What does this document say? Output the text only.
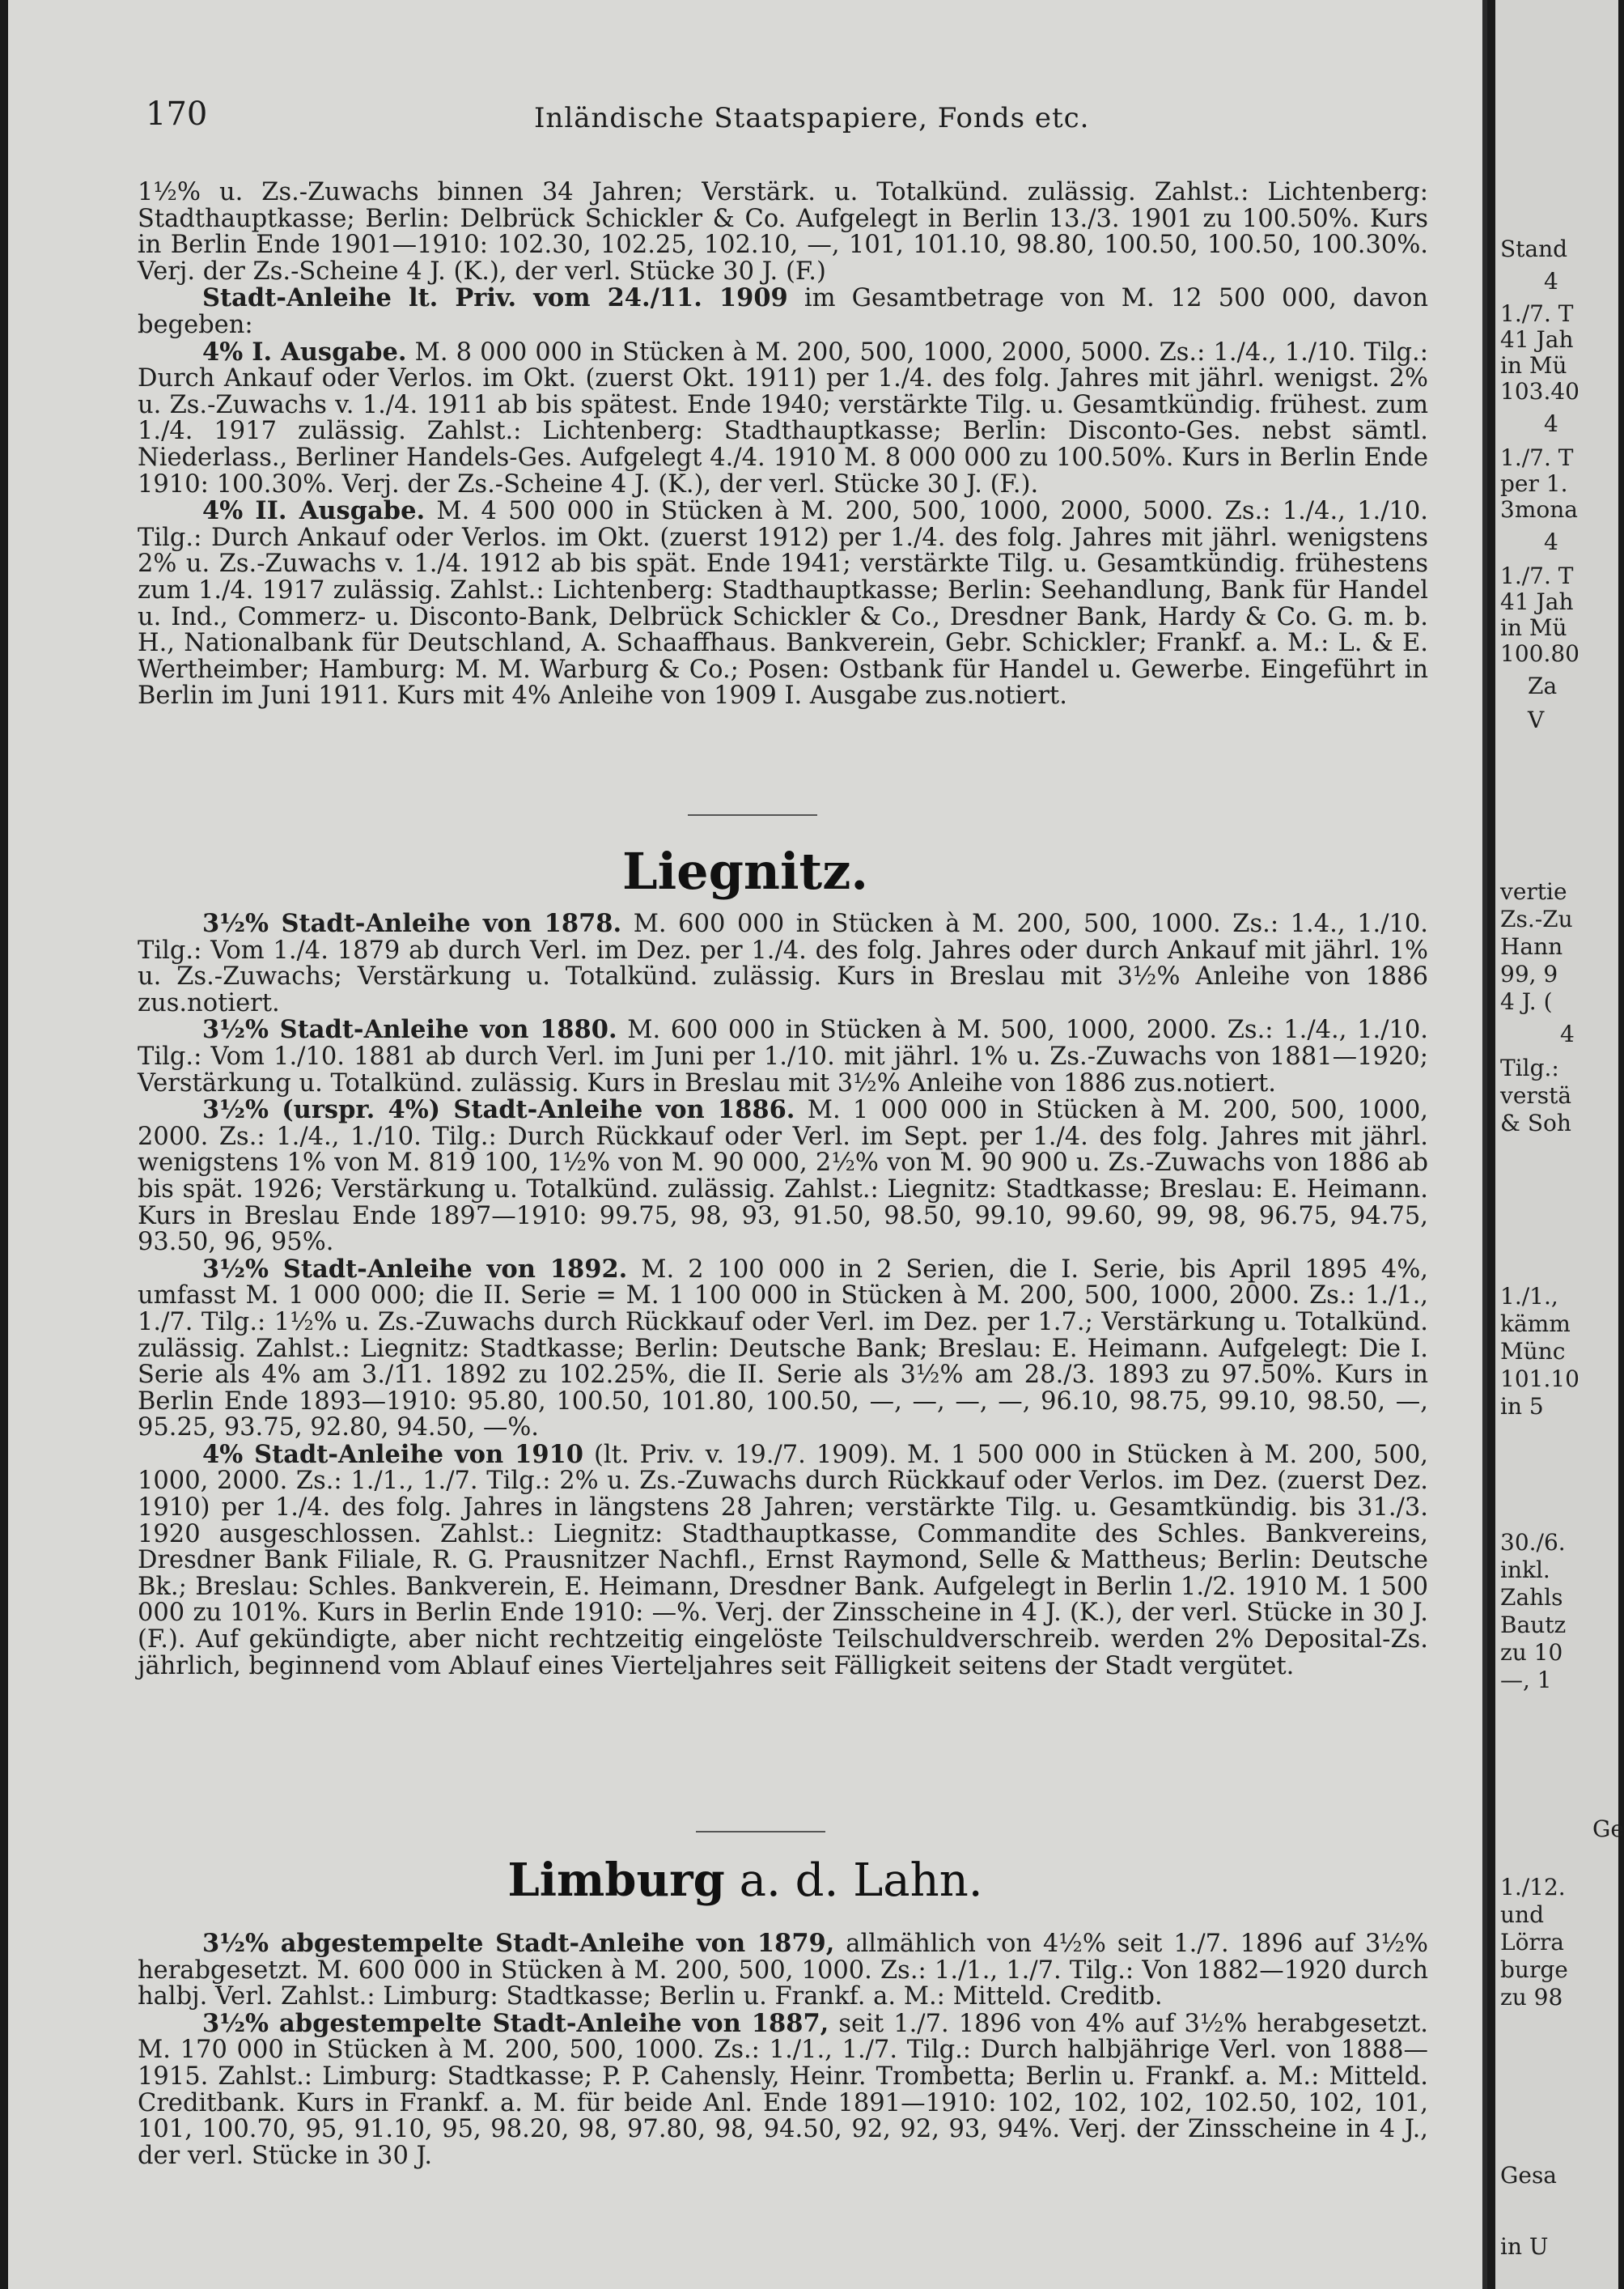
170	Inländische Staatspapiere, Fonds etc.

1½% u. Zs.-Zuwachs binnen 34 Jahren; Verstärk. u. Totalkünd. zulässig. Zahlst.: Lichtenberg: Stadthauptkasse; Berlin: Delbrück Schickler & Co. Aufgelegt in Berlin 13./3. 1901 zu 100.50%. Kurs in Berlin Ende 1901—1910: 102.30, 102.25, 102.10, —, 101, 101.10, 98.80, 100.50, 100.50, 100.30%. Verj. der Zs.-Scheine 4 J. (K.), der verl. Stücke 30 J. (F.)

Stadt-Anleihe lt. Priv. vom 24./11. 1909 im Gesamtbetrage von M. 12 500 000, davon begeben:

4% I. Ausgabe. M. 8 000 000 in Stücken à M. 200, 500, 1000, 2000, 5000. Zs.: 1./4., 1./10. Tilg.: Durch Ankauf oder Verlos. im Okt. (zuerst Okt. 1911) per 1./4. des folg. Jahres mit jährl. wenigst. 2% u. Zs.-Zuwachs v. 1./4. 1911 ab bis spätest. Ende 1940; verstärkte Tilg. u. Gesamtkündig. frühest. zum 1./4. 1917 zulässig. Zahlst.: Lichtenberg: Stadthauptkasse; Berlin: Disconto-Ges. nebst sämtl. Niederlass., Berliner Handels-Ges. Aufgelegt 4./4. 1910 M. 8 000 000 zu 100.50%. Kurs in Berlin Ende 1910: 100.30%. Verj. der Zs.-Scheine 4 J. (K.), der verl. Stücke 30 J. (F.).

4% II. Ausgabe. M. 4 500 000 in Stücken à M. 200, 500, 1000, 2000, 5000. Zs.: 1./4., 1./10. Tilg.: Durch Ankauf oder Verlos. im Okt. (zuerst 1912) per 1./4. des folg. Jahres mit jährl. wenigstens 2% u. Zs.-Zuwachs v. 1./4. 1912 ab bis spät. Ende 1941; verstärkte Tilg. u. Gesamtkündig. frühestens zum 1./4. 1917 zulässig. Zahlst.: Lichtenberg: Stadthauptkasse; Berlin: Seehandlung, Bank für Handel u. Ind., Commerz- u. Disconto-Bank, Delbrück Schickler & Co., Dresdner Bank, Hardy & Co. G. m. b. H., Nationalbank für Deutschland, A. Schaaffhaus. Bankverein, Gebr. Schickler; Frankf. a. M.: L. & E. Wertheimber; Hamburg: M. M. Warburg & Co.; Posen: Ostbank für Handel u. Gewerbe. Eingeführt in Berlin im Juni 1911. Kurs mit 4% Anleihe von 1909 I. Ausgabe zus.notiert.

Liegnitz.

3½% Stadt-Anleihe von 1878. M. 600 000 in Stücken à M. 200, 500, 1000. Zs.: 1.4., 1./10. Tilg.: Vom 1./4. 1879 ab durch Verl. im Dez. per 1./4. des folg. Jahres oder durch Ankauf mit jährl. 1% u. Zs.-Zuwachs; Verstärkung u. Totalkünd. zulässig. Kurs in Breslau mit 3½% Anleihe von 1886 zus.notiert.

3½% Stadt-Anleihe von 1880. M. 600 000 in Stücken à M. 500, 1000, 2000. Zs.: 1./4., 1./10. Tilg.: Vom 1./10. 1881 ab durch Verl. im Juni per 1./10. mit jährl. 1% u. Zs.-Zuwachs von 1881—1920; Verstärkung u. Totalkünd. zulässig. Kurs in Breslau mit 3½% Anleihe von 1886 zus.notiert.

3½% (urspr. 4%) Stadt-Anleihe von 1886. M. 1 000 000 in Stücken à M. 200, 500, 1000, 2000. Zs.: 1./4., 1./10. Tilg.: Durch Rückkauf oder Verl. im Sept. per 1./4. des folg. Jahres mit jährl. wenigstens 1% von M. 819 100, 1½% von M. 90 000, 2½% von M. 90 900 u. Zs.-Zuwachs von 1886 ab bis spät. 1926; Verstärkung u. Totalkünd. zulässig. Zahlst.: Liegnitz: Stadtkasse; Breslau: E. Heimann. Kurs in Breslau Ende 1897—1910: 99.75, 98, 93, 91.50, 98.50, 99.10, 99.60, 99, 98, 96.75, 94.75, 93.50, 96, 95%.

3½% Stadt-Anleihe von 1892. M. 2 100 000 in 2 Serien, die I. Serie, bis April 1895 4%, umfasst M. 1 000 000; die II. Serie = M. 1 100 000 in Stücken à M. 200, 500, 1000, 2000. Zs.: 1./1., 1./7. Tilg.: 1½% u. Zs.-Zuwachs durch Rückkauf oder Verl. im Dez. per 1.7.; Verstärkung u. Totalkünd. zulässig. Zahlst.: Liegnitz: Stadtkasse; Berlin: Deutsche Bank; Breslau: E. Heimann. Aufgelegt: Die I. Serie als 4% am 3./11. 1892 zu 102.25%, die II. Serie als 3½% am 28./3. 1893 zu 97.50%. Kurs in Berlin Ende 1893—1910: 95.80, 100.50, 101.80, 100.50, —, —, —, —, 96.10, 98.75, 99.10, 98.50, —, 95.25, 93.75, 92.80, 94.50, —%.

4% Stadt-Anleihe von 1910 (lt. Priv. v. 19./7. 1909). M. 1 500 000 in Stücken à M. 200, 500, 1000, 2000. Zs.: 1./1., 1./7. Tilg.: 2% u. Zs.-Zuwachs durch Rückkauf oder Verlos. im Dez. (zuerst Dez. 1910) per 1./4. des folg. Jahres in längstens 28 Jahren; verstärkte Tilg. u. Gesamtkündig. bis 31./3. 1920 ausgeschlossen. Zahlst.: Liegnitz: Stadthauptkasse, Commandite des Schles. Bankvereins, Dresdner Bank Filiale, R. G. Prausnitzer Nachfl., Ernst Raymond, Selle & Mattheus; Berlin: Deutsche Bk.; Breslau: Schles. Bankverein, E. Heimann, Dresdner Bank. Aufgelegt in Berlin 1./2. 1910 M. 1 500 000 zu 101%. Kurs in Berlin Ende 1910: —%. Verj. der Zinsscheine in 4 J. (K.), der verl. Stücke in 30 J. (F.). Auf gekündigte, aber nicht rechtzeitig eingelöste Teilschuldverschreib. werden 2% Deposital-Zs. jährlich, beginnend vom Ablauf eines Vierteljahres seit Fälligkeit seitens der Stadt vergütet.

Limburg a. d. Lahn.

3½% abgestempelte Stadt-Anleihe von 1879, allmählich von 4½% seit 1./7. 1896 auf 3½% herabgesetzt. M. 600 000 in Stücken à M. 200, 500, 1000. Zs.: 1./1., 1./7. Tilg.: Von 1882—1920 durch halbj. Verl. Zahlst.: Limburg: Stadtkasse; Berlin u. Frankf. a. M.: Mitteld. Creditb.

3½% abgestempelte Stadt-Anleihe von 1887, seit 1./7. 1896 von 4% auf 3½% herabgesetzt. M. 170 000 in Stücken à M. 200, 500, 1000. Zs.: 1./1., 1./7. Tilg.: Durch halbjährige Verl. von 1888—1915. Zahlst.: Limburg: Stadtkasse; P. P. Cahensly, Heinr. Trombetta; Berlin u. Frankf. a. M.: Mitteld. Creditbank. Kurs in Frankf. a. M. für beide Anl. Ende 1891—1910: 102, 102, 102, 102.50, 102, 101, 101, 100.70, 95, 91.10, 95, 98.20, 98, 97.80, 98, 94.50, 92, 92, 93, 94%. Verj. der Zinsscheine in 4 J., der verl. Stücke in 30 J.

Stand
4
1./7. T
41 Jah
in Mü
103.40
4
1./7. T
per 1.
3mona
4
1./7. T
41 Jah
in Mü
100.80
Za
V
vertie
Zs.-Zu
Hann
99, 9
4 J. (
4
Tilg.:
verstä
& Soh
1./1.,
kämm
Münc
101.10
in 5
30./6.
inkl.
Zahls
Bautz
zu 10
—, 1
Ge
1./12.
und
Lörra
burge
zu 98
Gesa
in U
